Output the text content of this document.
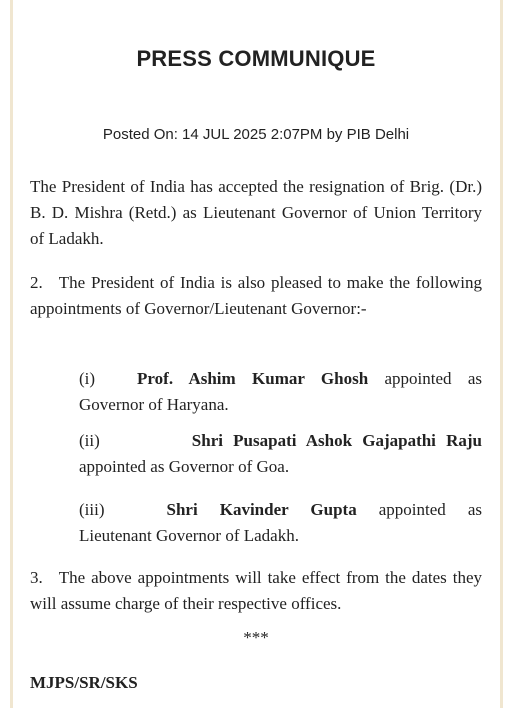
PRESS COMMUNIQUE
Posted On: 14 JUL 2025 2:07PM by PIB Delhi
The President of India has accepted the resignation of Brig. (Dr.) B. D. Mishra (Retd.) as Lieutenant Governor of Union Territory of Ladakh.
2. The President of India is also pleased to make the following appointments of Governor/Lieutenant Governor:-
(i) Prof. Ashim Kumar Ghosh appointed as Governor of Haryana.
(ii)	Shri Pusapati Ashok Gajapathi Raju appointed as Governor of Goa.
(iii)	Shri Kavinder Gupta appointed as Lieutenant Governor of Ladakh.
3. The above appointments will take effect from the dates they will assume charge of their respective offices.
***
MJPS/SR/SKS
